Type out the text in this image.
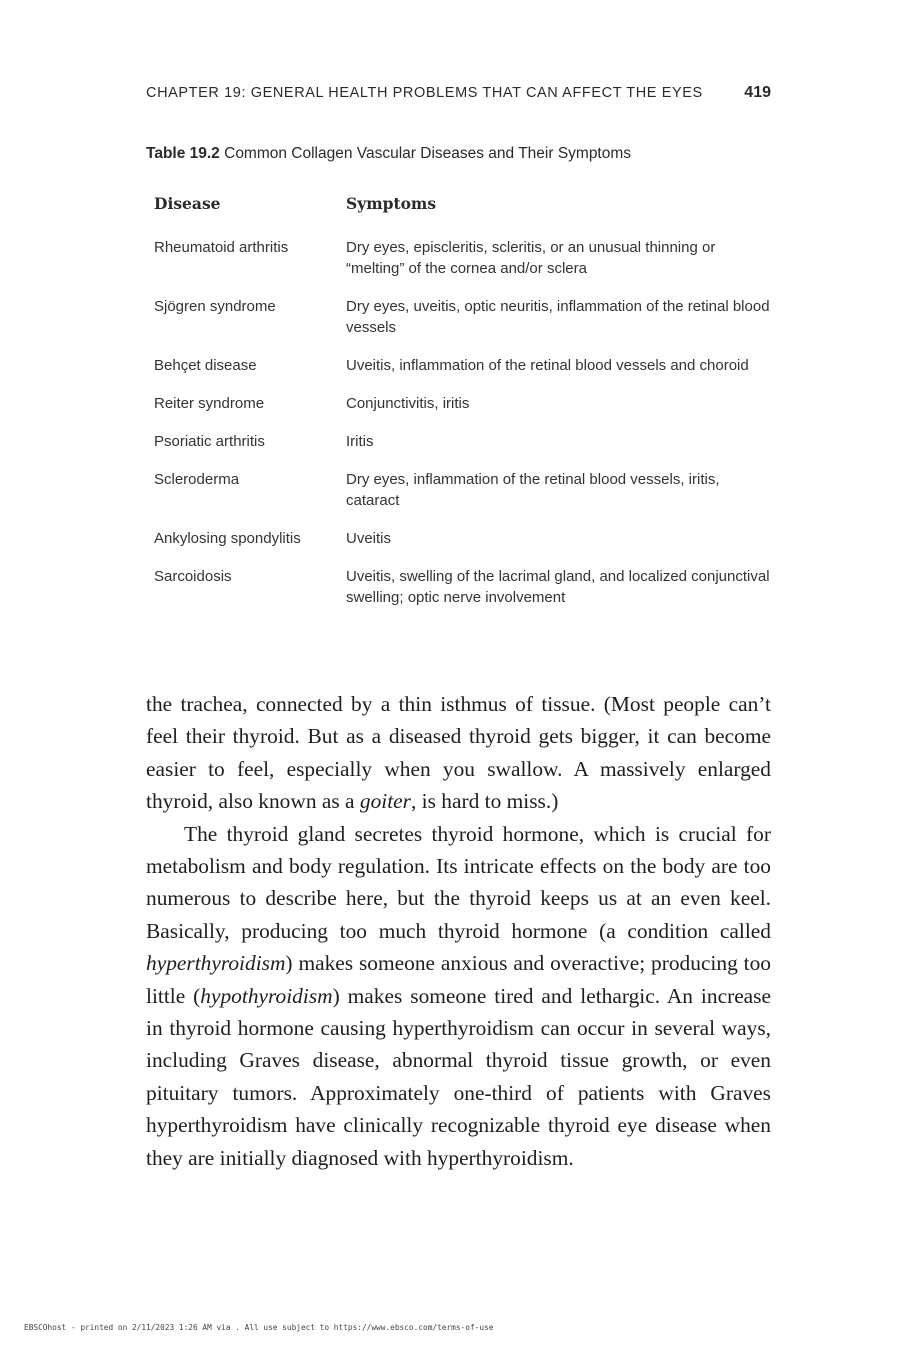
CHAPTER 19: GENERAL HEALTH PROBLEMS THAT CAN AFFECT THE EYES	419
Table 19.2 Common Collagen Vascular Diseases and Their Symptoms
Disease	Symptoms
Rheumatoid arthritis	Dry eyes, episcleritis, scleritis, or an unusual thinning or “melting” of the cornea and/or sclera
Sjögren syndrome	Dry eyes, uveitis, optic neuritis, inflammation of the retinal blood vessels
Behçet disease	Uveitis, inflammation of the retinal blood vessels and choroid
Reiter syndrome	Conjunctivitis, iritis
Psoriatic arthritis	Iritis
Scleroderma	Dry eyes, inflammation of the retinal blood vessels, iritis, cataract
Ankylosing spondylitis	Uveitis
Sarcoidosis	Uveitis, swelling of the lacrimal gland, and localized conjunctival swelling; optic nerve involvement

the trachea, connected by a thin isthmus of tissue. (Most people can’t feel their thyroid. But as a diseased thyroid gets bigger, it can become easier to feel, especially when you swallow. A massively enlarged thyroid, also known as a goiter, is hard to miss.)

The thyroid gland secretes thyroid hormone, which is crucial for metabolism and body regulation. Its intricate effects on the body are too numerous to describe here, but the thyroid keeps us at an even keel. Basically, producing too much thyroid hormone (a condition called hyperthyroidism) makes someone anxious and overactive; producing too little (hypothyroidism) makes someone tired and lethargic. An increase in thyroid hormone causing hyperthyroidism can occur in several ways, including Graves disease, abnormal thyroid tissue growth, or even pituitary tumors. Approximately one-third of patients with Graves hyperthyroidism have clinically recognizable thyroid eye disease when they are initially diagnosed with hyperthyroidism.

EBSCOhost - printed on 2/11/2023 1:26 AM via . All use subject to https://www.ebsco.com/terms-of-use
